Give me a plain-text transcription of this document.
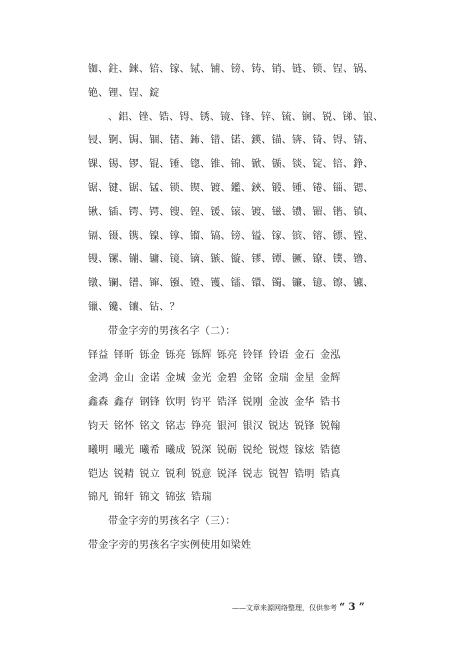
铷、鉒、錸、锫、镓、铽、铺、镑、铸、销、链、锁、锃、锅、铯、锂、锃、錠

、鋁、锉、锆、锝、锈、镜、锋、锌、锍、锎、锐、锑、锒、锓、锕、锔、锢、锗、鈽、错、锘、鍈、锚、锛、锜、锝、锖、锞、锡、锣、锟、锤、锪、锥、锦、锨、锧、锬、锭、锫、錚、锯、键、锯、锰、锁、锲、镀、鑑、鋏、锻、锺、锩、锱、锶、锹、锸、锷、锷、锼、锽、锾、锿、镀、镃、镄、镅、锴、镇、镉、镊、镌、镍、镎、镏、镐、镑、镒、镓、镔、镕、镖、镗、镘、镙、镚、镛、镜、镝、镞、镟、镠、镡、镢、镣、镤、镥、镦、镧、镨、镩、镪、镫、镬、镭、镮、镯、镰、镱、镲、镳、镴、镵、镶、钻、？

带金字旁的男孩名字（二）：

铎益 铎昕 铄金 铄亮 铄辉 铄亮 铃铎 铃语 金石 金泓

金鸿 金山 金诺 金城 金光 金碧 金铭 金瑞 金星 金辉

鑫森 鑫存 钢锋 钦明 钧平 锆泽 锐刚 金波 金华 锆书

钧天 铭怀 铭文 铭志 铮亮 银河 银汉 锐达 锐锋 锐翰

曦明 曦光 曦希 曦成 锐深 锐砺 锐纶 锐煜 镓炫 锆德

铠达 锐精 锐立 锐利 锐意 锐泽 锐志 锐智 锆明 锆真

锦凡 锦轩 锦文 锦弦 锆瑞

带金字旁的男孩名字（三）：

带金字旁的男孩名字实例使用如梁姓

——文章来源网络整理，仅供参考 “ 3 ”
